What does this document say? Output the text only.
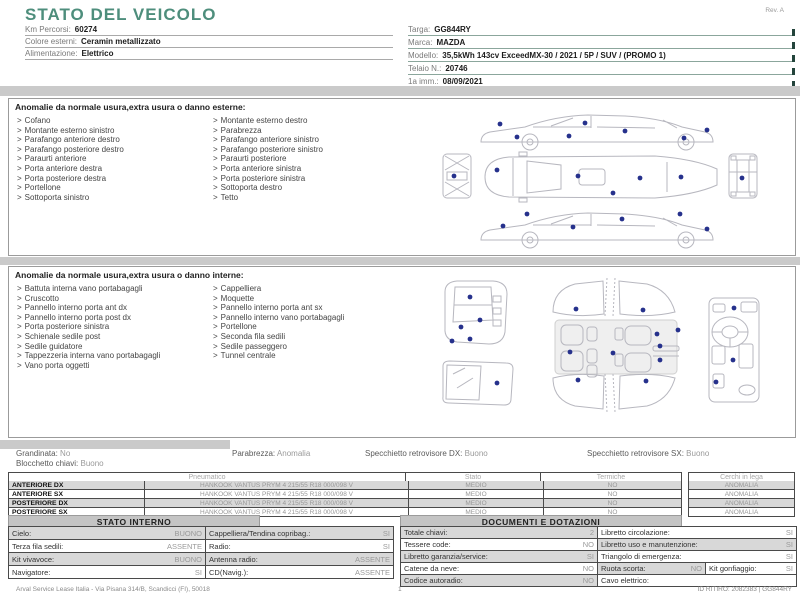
STATO DEL VEICOLO	Rev. A
Km Percorsi: 60274
Colore esterni: Ceramin metallizzato
Alimentazione: Elettrico
Targa: GG844RY
Marca: MAZDA
Modello: 35,5kWh 143cv ExceedMX-30 / 2021 / 5P / SUV / (PROMO 1)
Telaio N.: 20746
1a imm.: 08/09/2021
Anomalie da normale usura,extra usura o danno esterne:
> Cofano
> Montante esterno sinistro
> Parafango anteriore destro
> Parafango posteriore destro
> Paraurti anteriore
> Porta anteriore destra
> Porta posteriore destra
> Portellone
> Sottoporta sinistro
> Montante esterno destro
> Parabrezza
> Parafango anteriore sinistro
> Parafango posteriore sinistro
> Paraurti posteriore
> Porta anteriore sinistra
> Porta posteriore sinistra
> Sottoporta destro
> Tetto
Anomalie da normale usura,extra usura o danno interne:
> Battuta interna vano portabagagli
> Cruscotto
> Pannello interno porta ant dx
> Pannello interno porta post dx
> Porta posteriore sinistra
> Schienale sedile post
> Sedile guidatore
> Tappezzeria interna vano portabagagli
> Vano porta oggetti
> Cappelliera
> Moquette
> Pannello interno porta ant sx
> Pannello interno vano portabagagli
> Portellone
> Seconda fila sedili
> Sedile passeggero
> Tunnel centrale
Grandinata: No	Parabrezza: Anomalia	Specchietto retrovisore DX: Buono	Specchietto retrovisore SX: Buono
Blocchetto chiavi: Buono
Pneumatico	Stato	Termiche
ANTERIORE DX	HANKOOK VANTUS PRYM 4 215/55 R18 000/098 V	MEDIO	NO
ANTERIORE SX	HANKOOK VANTUS PRYM 4 215/55 R18 000/098 V	MEDIO	NO
POSTERIORE DX	HANKOOK VANTUS PRYM 4 215/55 R18 000/098 V	MEDIO	NO
POSTERIORE SX	HANKOOK VANTUS PRYM 4 215/55 R18 000/098 V	MEDIO	NO
Cerchi in lega
ANOMALIA
ANOMALIA
ANOMALIA
ANOMALIA
STATO INTERNO	DOCUMENTI E DOTAZIONI
Cielo:	BUONO Cappelliera/Tendina copribag.:	SI
Terza fila sedili:	ASSENTE Radio:	SI
Kit vivavoce:	BUONO Antenna radio:	ASSENTE
Navigatore:	SI CD(Navig.):	ASSENTE
Totale chiavi:	2 Libretto circolazione:	SI
Tessere code:	NO Libretto uso e manutenzione:	SI
Libretto garanzia/service:	SI Triangolo di emergenza:	SI
Catene da neve:	NO Ruota scorta:	NO Kit gonfiaggio:	SI
Codice autoradio:	NO Cavo elettrico:
Arval Service Lease Italia - Via Pisana 314/B, Scandicci (FI), 50018	1	ID RITIRO: 2082383 | GG844RY
